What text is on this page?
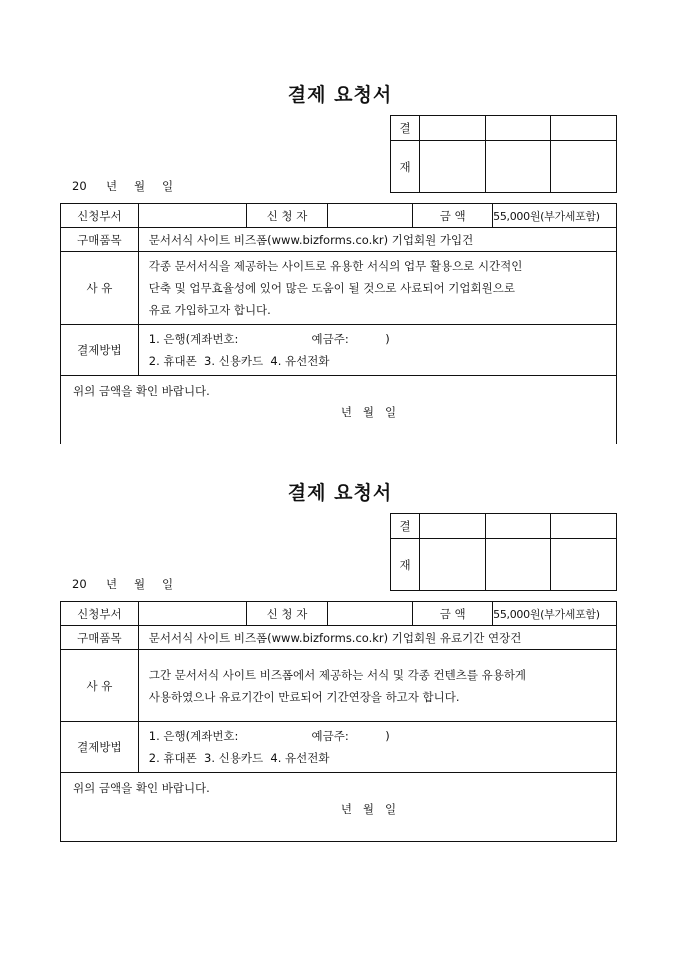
결제 요청서
20 년 월 일
결			
재			
신청부서		신 청 자		금 액	55,000원(부가세포함)
구매품목	문서서식 사이트 비즈폼(www.bizforms.co.kr) 기업회원 가입건				
사 유	각종 문서서식을 제공하는 사이트로 유용한 서식의 업무 활용으로 시간적인
단축 및 업무효율성에 있어 많은 도움이 될 것으로 사료되어 기업회원으로
유료 가입하고자 합니다.				

결제방법	1. 은행(계좌번호:                    예금주:          )
2. 휴대폰  3. 신용카드  4. 유선전화				

위의 금액을 확인 바랍니다.
년   월   일					
결제 요청서
20 년 월 일
결			
재			
신청부서		신 청 자		금 액	55,000원(부가세포함)
구매품목	문서서식 사이트 비즈폼(www.bizforms.co.kr) 기업회원 유료기간 연장건				
사 유	그간 문서서식 사이트 비즈폼에서 제공하는 서식 및 각종 컨텐츠를 유용하게
사용하였으나 유료기간이 만료되어 기간연장을 하고자 합니다.				

결제방법	1. 은행(계좌번호:                    예금주:          )
2. 휴대폰  3. 신용카드  4. 유선전화				

위의 금액을 확인 바랍니다.
년   월   일					
